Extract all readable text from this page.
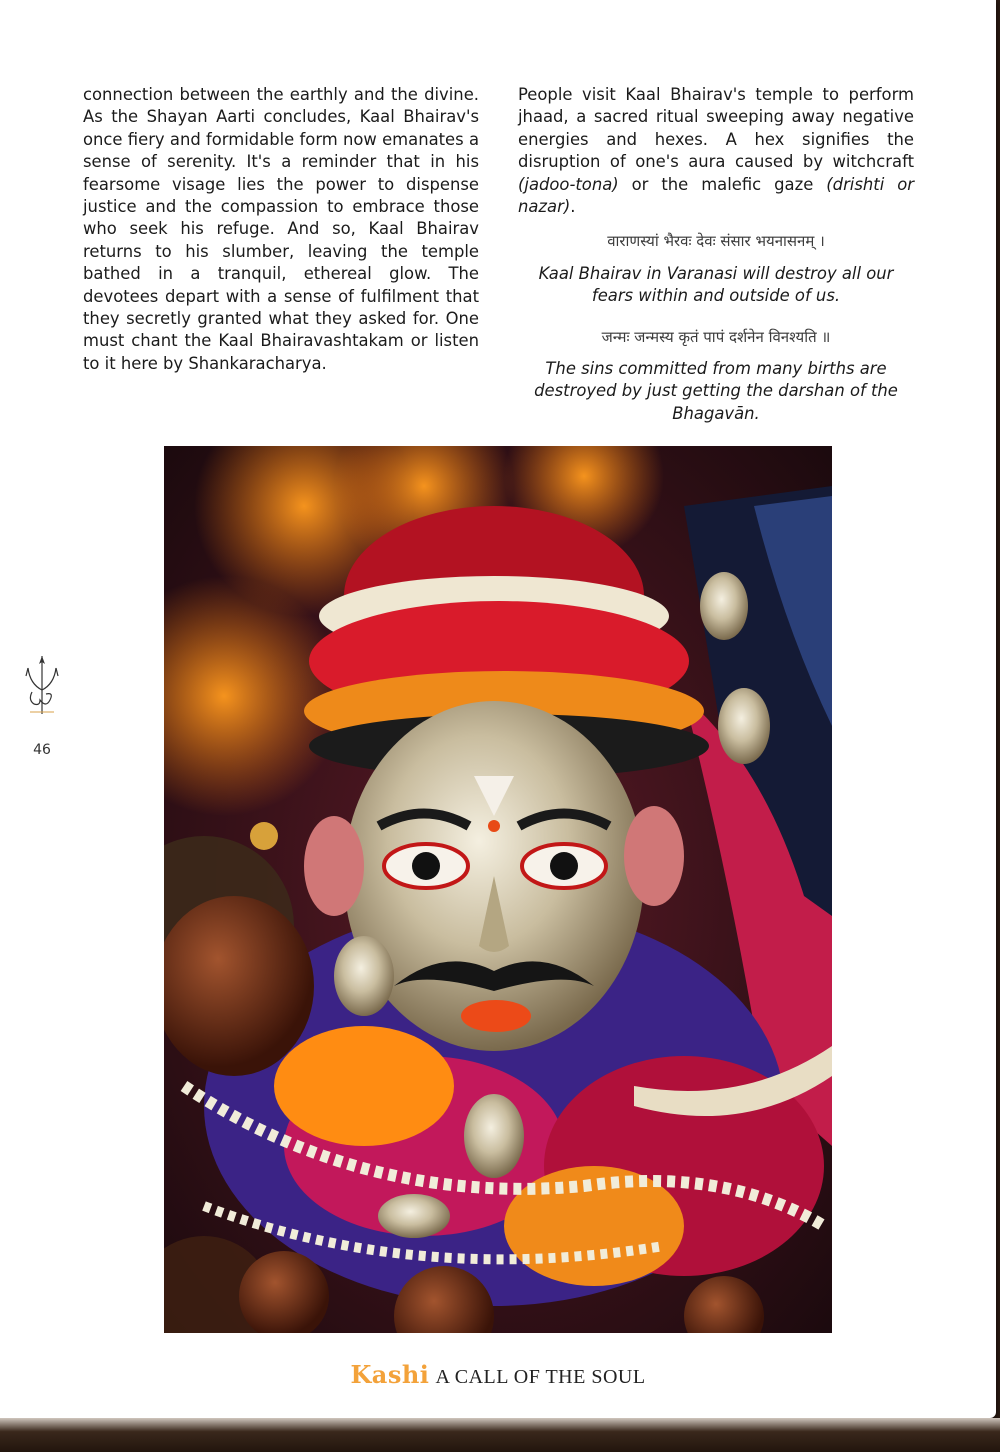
connection between the earthly and the divine. As the Shayan Aarti concludes, Kaal Bhairav's once fiery and formidable form now emanates a sense of serenity. It's a reminder that in his fearsome visage lies the power to dispense justice and the compassion to embrace those who seek his refuge. And so, Kaal Bhairav returns to his slumber, leaving the temple bathed in a tranquil, ethereal glow. The devotees depart with a sense of fulfilment that they secretly granted what they asked for. One must chant the Kaal Bhairavashtakam or listen to it here by Shankaracharya.

People visit Kaal Bhairav's temple to perform jhaad, a sacred ritual sweeping away negative energies and hexes. A hex signifies the disruption of one's aura caused by witchcraft (jadoo-tona) or the malefic gaze (drishti or nazar).

वाराणस्यां भैरवः देवः संसार भयनासनम् ।

Kaal Bhairav in Varanasi will destroy all our fears within and outside of us.

जन्मः जन्मस्य कृतं पापं दर्शनेन विनश्यति ॥

The sins committed from many births are destroyed by just getting the darshan of the Bhagavān.

46
Kashi A CALL OF THE SOUL
